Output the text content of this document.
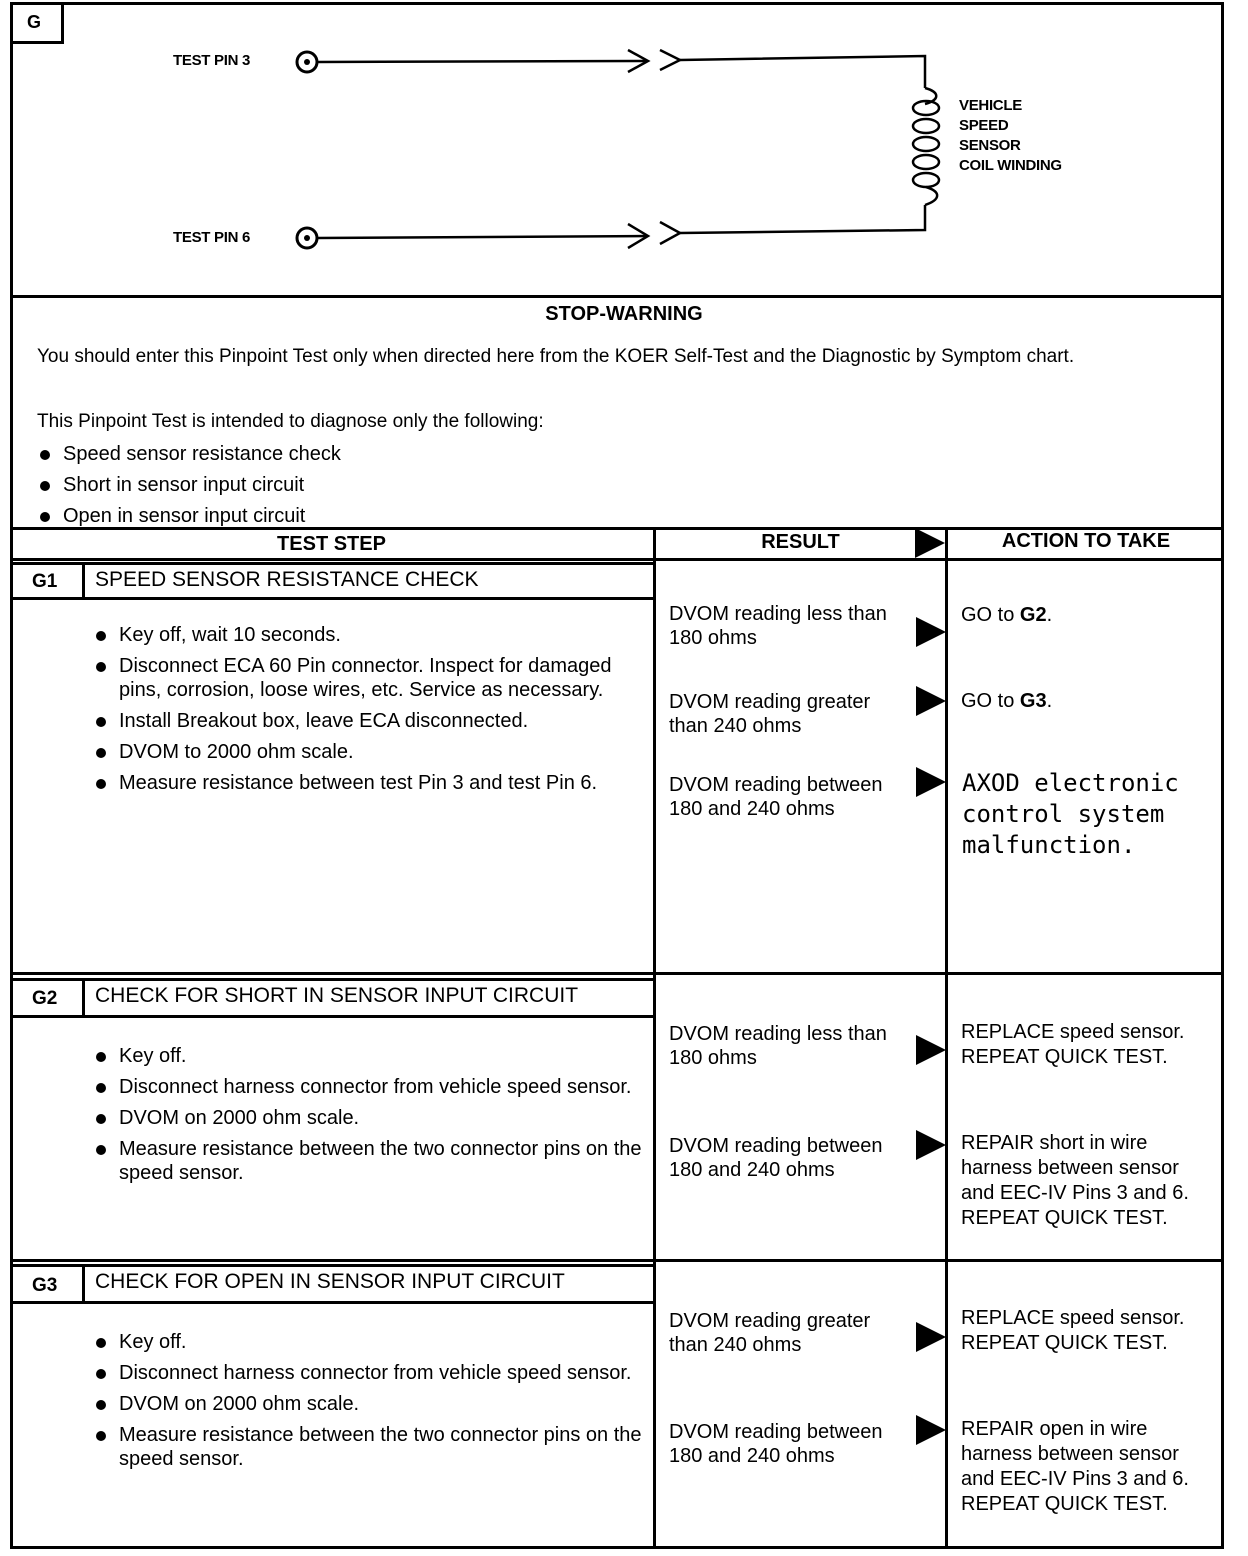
G
TEST PIN 3
TEST PIN 6
VEHICLE
SPEED
SENSOR
COIL WINDING
STOP-WARNING
You should enter this Pinpoint Test only when directed here from the KOER Self-Test and the Diagnostic by Symptom chart.
This Pinpoint Test is intended to diagnose only the following:
Speed sensor resistance check
Short in sensor input circuit
Open in sensor input circuit
TEST STEP	RESULT	ACTION TO TAKE
G1 SPEED SENSOR RESISTANCE CHECK
Key off, wait 10 seconds.
Disconnect ECA 60 Pin connector. Inspect for damaged pins, corrosion, loose wires, etc. Service as necessary.
Install Breakout box, leave ECA disconnected.
DVOM to 2000 ohm scale.
Measure resistance between test Pin 3 and test Pin 6.
DVOM reading less than 180 ohms
GO to G2.
DVOM reading greater than 240 ohms
GO to G3.
DVOM reading between 180 and 240 ohms
AXOD electronic control system malfunction.
G2 CHECK FOR SHORT IN SENSOR INPUT CIRCUIT
Key off.
Disconnect harness connector from vehicle speed sensor.
DVOM on 2000 ohm scale.
Measure resistance between the two connector pins on the speed sensor.
DVOM reading less than 180 ohms
REPLACE speed sensor. REPEAT QUICK TEST.
DVOM reading between 180 and 240 ohms
REPAIR short in wire harness between sensor and EEC-IV Pins 3 and 6. REPEAT QUICK TEST.
G3 CHECK FOR OPEN IN SENSOR INPUT CIRCUIT
Key off.
Disconnect harness connector from vehicle speed sensor.
DVOM on 2000 ohm scale.
Measure resistance between the two connector pins on the speed sensor.
DVOM reading greater than 240 ohms
REPLACE speed sensor. REPEAT QUICK TEST.
DVOM reading between 180 and 240 ohms
REPAIR open in wire harness between sensor and EEC-IV Pins 3 and 6. REPEAT QUICK TEST.
